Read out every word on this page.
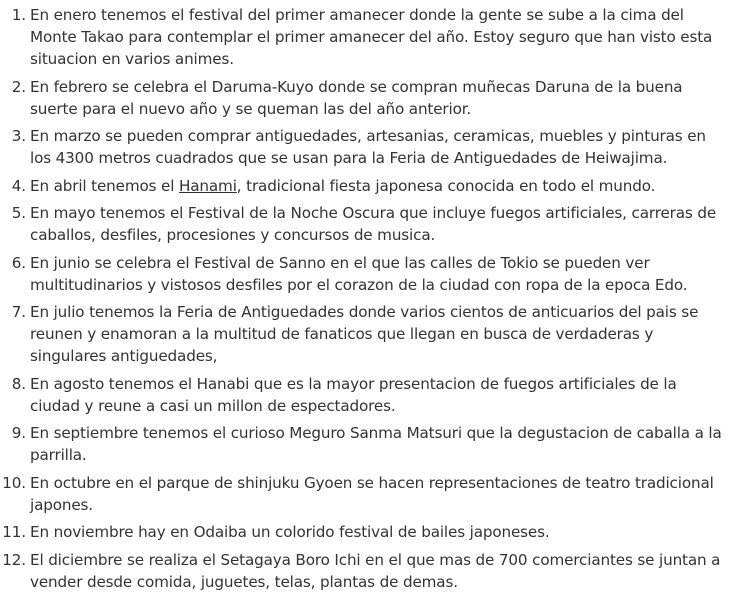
1. En enero tenemos el festival del primer amanecer donde la gente se sube a la cima del Monte Takao para contemplar el primer amanecer del año. Estoy seguro que han visto esta situacion en varios animes.
2. En febrero se celebra el Daruma-Kuyo donde se compran muñecas Daruna de la buena suerte para el nuevo año y se queman las del año anterior.
3. En marzo se pueden comprar antiguedades, artesanias, ceramicas, muebles y pinturas en los 4300 metros cuadrados que se usan para la Feria de Antiguedades de Heiwajima.
4. En abril tenemos el Hanami, tradicional fiesta japonesa conocida en todo el mundo.
5. En mayo tenemos el Festival de la Noche Oscura que incluye fuegos artificiales, carreras de caballos, desfiles, procesiones y concursos de musica.
6. En junio se celebra el Festival de Sanno en el que las calles de Tokio se pueden ver multitudinarios y vistosos desfiles por el corazon de la ciudad con ropa de la epoca Edo.
7. En julio tenemos la Feria de Antiguedades donde varios cientos de anticuarios del pais se reunen y enamoran a la multitud de fanaticos que llegan en busca de verdaderas y singulares antiguedades,
8. En agosto tenemos el Hanabi que es la mayor presentacion de fuegos artificiales de la ciudad y reune a casi un millon de espectadores.
9. En septiembre tenemos el curioso Meguro Sanma Matsuri que la degustacion de caballa a la parrilla.
10. En octubre en el parque de shinjuku Gyoen se hacen representaciones de teatro tradicional japones.
11. En noviembre hay en Odaiba un colorido festival de bailes japoneses.
12. El diciembre se realiza el Setagaya Boro Ichi en el que mas de 700 comerciantes se juntan a vender desde comida, juguetes, telas, plantas de demas.
